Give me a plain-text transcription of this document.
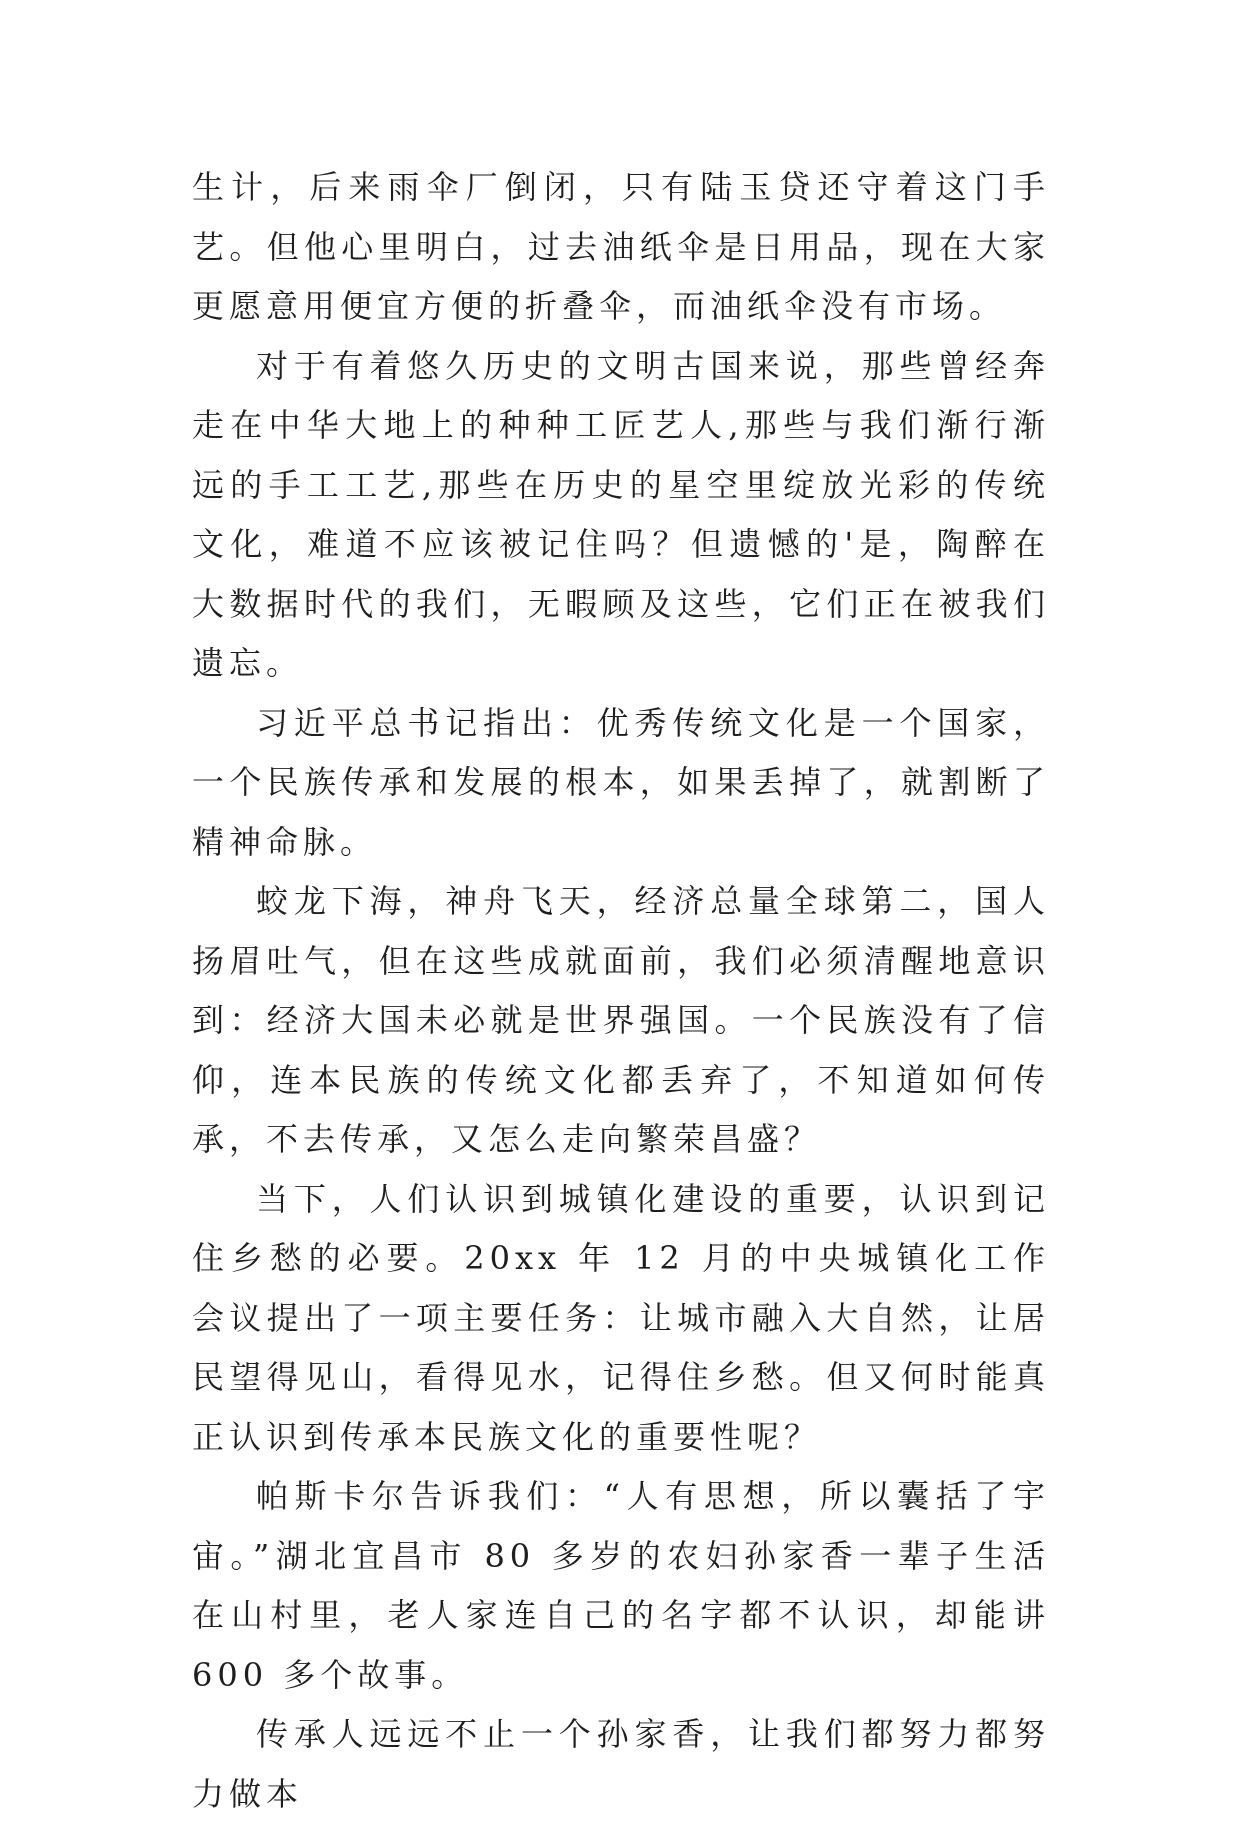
生计，后来雨伞厂倒闭，只有陆玉贷还守着这门手艺。但他心里明白，过去油纸伞是日用品，现在大家更愿意用便宜方便的折叠伞，而油纸伞没有市场。

对于有着悠久历史的文明古国来说，那些曾经奔走在中华大地上的种种工匠艺人,那些与我们渐行渐远的手工工艺,那些在历史的星空里绽放光彩的传统文化，难道不应该被记住吗？但遗憾的'是，陶醉在大数据时代的我们，无暇顾及这些，它们正在被我们遗忘。

习近平总书记指出：优秀传统文化是一个国家，一个民族传承和发展的根本，如果丢掉了，就割断了精神命脉。

蛟龙下海，神舟飞天，经济总量全球第二，国人扬眉吐气，但在这些成就面前，我们必须清醒地意识到：经济大国未必就是世界强国。一个民族没有了信仰，连本民族的传统文化都丢弃了，不知道如何传承，不去传承，又怎么走向繁荣昌盛？

当下，人们认识到城镇化建设的重要，认识到记住乡愁的必要。20xx 年 12 月的中央城镇化工作会议提出了一项主要任务：让城市融入大自然，让居民望得见山，看得见水，记得住乡愁。但又何时能真正认识到传承本民族文化的重要性呢？

帕斯卡尔告诉我们：“人有思想，所以囊括了宇宙。”湖北宜昌市 80 多岁的农妇孙家香一辈子生活在山村里，老人家连自己的名字都不认识，却能讲 600 多个故事。

传承人远远不止一个孙家香，让我们都努力都努力做本
